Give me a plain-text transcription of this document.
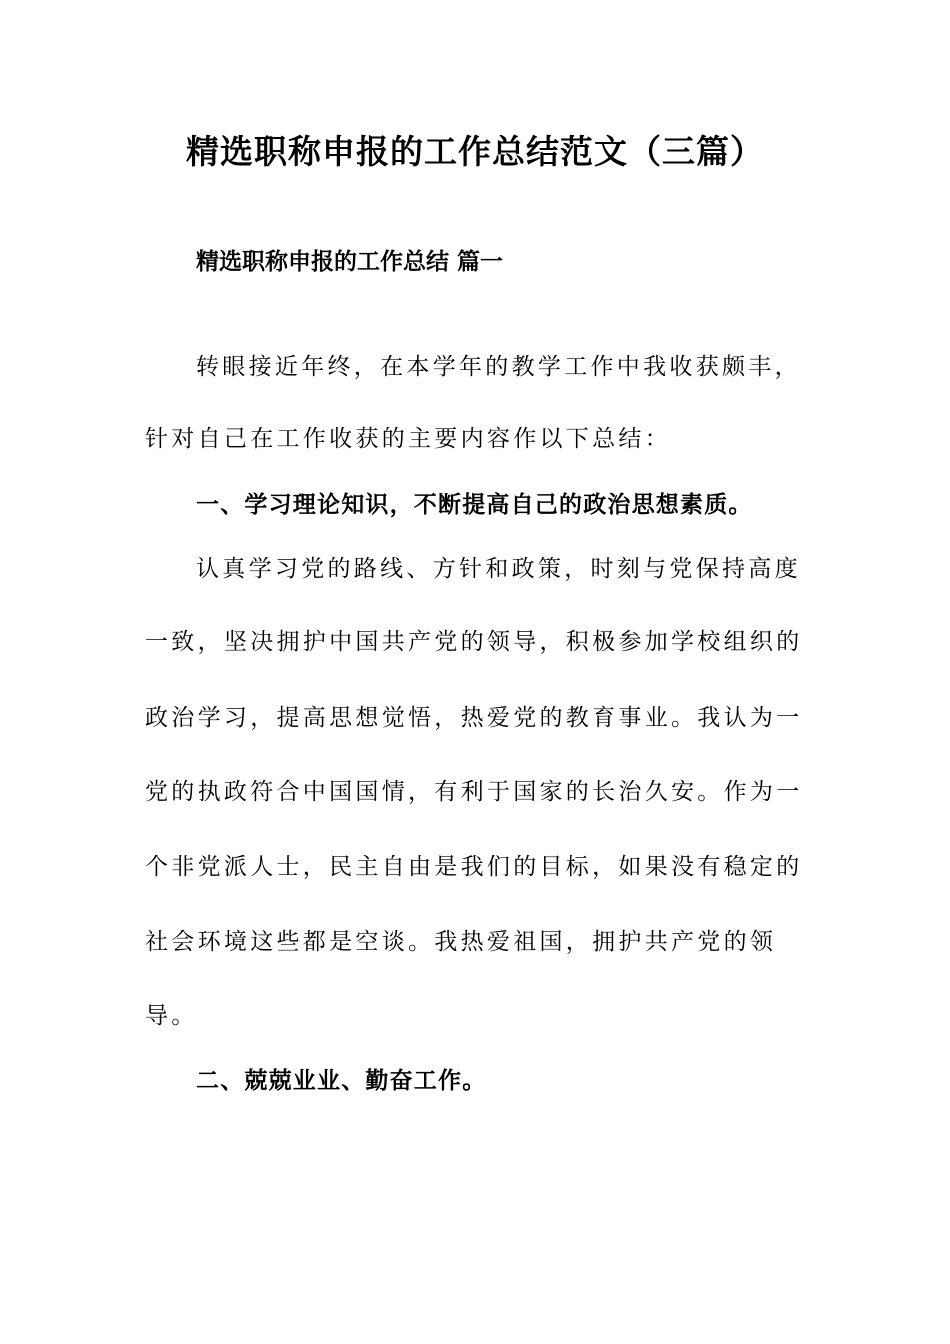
精选职称申报的工作总结范文（三篇）
精选职称申报的工作总结 篇一
转眼接近年终，在本学年的教学工作中我收获颇丰，
针对自己在工作收获的主要内容作以下总结：
一、学习理论知识，不断提高自己的政治思想素质。
认真学习党的路线、方针和政策，时刻与党保持高度
一致，坚决拥护中国共产党的领导，积极参加学校组织的
政治学习，提高思想觉悟，热爱党的教育事业。我认为一
党的执政符合中国国情，有利于国家的长治久安。作为一
个非党派人士，民主自由是我们的目标，如果没有稳定的
社会环境这些都是空谈。我热爱祖国，拥护共产党的领
导。
二、兢兢业业、勤奋工作。
